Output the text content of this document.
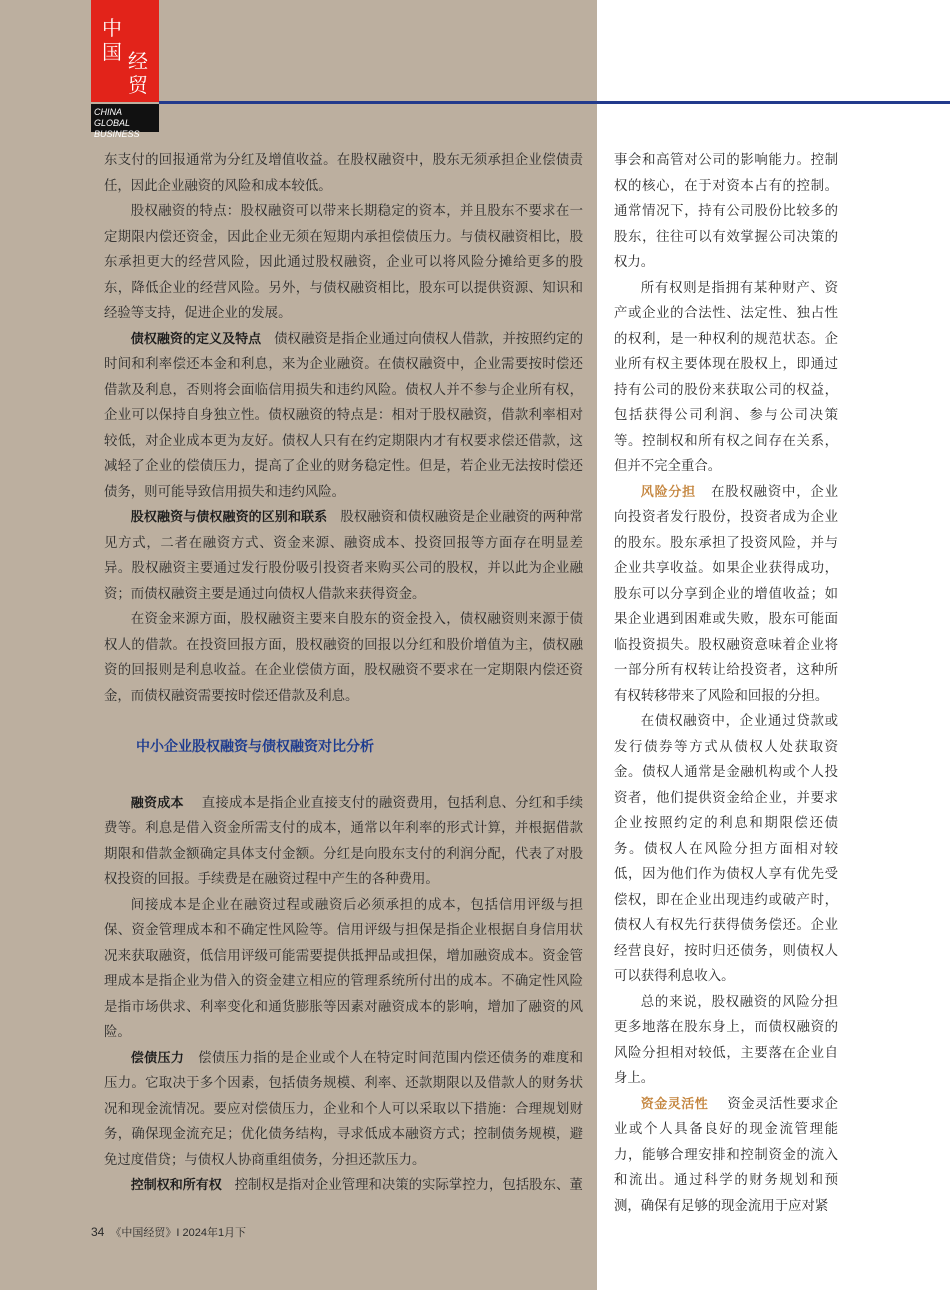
中
国 经
贸
CHINA GLOBAL
BUSINESS

东支付的回报通常为分红及增值收益。在股权融资中，股东无须承担企业偿债责任，因此企业融资的风险和成本较低。

股权融资的特点：股权融资可以带来长期稳定的资本，并且股东不要求在一定期限内偿还资金，因此企业无须在短期内承担偿债压力。与债权融资相比，股东承担更大的经营风险，因此通过股权融资，企业可以将风险分摊给更多的股东，降低企业的经营风险。另外，与债权融资相比，股东可以提供资源、知识和经验等支持，促进企业的发展。

债权融资的定义及特点 债权融资是指企业通过向债权人借款，并按照约定的时间和利率偿还本金和利息，来为企业融资。在债权融资中，企业需要按时偿还借款及利息，否则将会面临信用损失和违约风险。债权人并不参与企业所有权，企业可以保持自身独立性。债权融资的特点是：相对于股权融资，借款利率相对较低，对企业成本更为友好。债权人只有在约定期限内才有权要求偿还借款，这减轻了企业的偿债压力，提高了企业的财务稳定性。但是，若企业无法按时偿还债务，则可能导致信用损失和违约风险。

股权融资与债权融资的区别和联系 股权融资和债权融资是企业融资的两种常见方式，二者在融资方式、资金来源、融资成本、投资回报等方面存在明显差异。股权融资主要通过发行股份吸引投资者来购买公司的股权，并以此为企业融资；而债权融资主要是通过向债权人借款来获得资金。

在资金来源方面，股权融资主要来自股东的资金投入，债权融资则来源于债权人的借款。在投资回报方面，股权融资的回报以分红和股价增值为主，债权融资的回报则是利息收益。在企业偿债方面，股权融资不要求在一定期限内偿还资金，而债权融资需要按时偿还借款及利息。

中小企业股权融资与债权融资对比分析

融资成本 直接成本是指企业直接支付的融资费用，包括利息、分红和手续费等。利息是借入资金所需支付的成本，通常以年利率的形式计算，并根据借款期限和借款金额确定具体支付金额。分红是向股东支付的利润分配，代表了对股权投资的回报。手续费是在融资过程中产生的各种费用。

间接成本是企业在融资过程或融资后必须承担的成本，包括信用评级与担保、资金管理成本和不确定性风险等。信用评级与担保是指企业根据自身信用状况来获取融资，低信用评级可能需要提供抵押品或担保，增加融资成本。资金管理成本是指企业为借入的资金建立相应的管理系统所付出的成本。不确定性风险是指市场供求、利率变化和通货膨胀等因素对融资成本的影响，增加了融资的风险。

偿债压力 偿债压力指的是企业或个人在特定时间范围内偿还债务的难度和压力。它取决于多个因素，包括债务规模、利率、还款期限以及借款人的财务状况和现金流情况。要应对偿债压力，企业和个人可以采取以下措施：合理规划财务，确保现金流充足；优化债务结构，寻求低成本融资方式；控制债务规模，避免过度借贷；与债权人协商重组债务，分担还款压力。

控制权和所有权 控制权是指对企业管理和决策的实际掌控力，包括股东、董

事会和高管对公司的影响能力。控制权的核心，在于对资本占有的控制。通常情况下，持有公司股份比较多的股东，往往可以有效掌握公司决策的权力。

所有权则是指拥有某种财产、资产或企业的合法性、法定性、独占性的权利，是一种权利的规范状态。企业所有权主要体现在股权上，即通过持有公司的股份来获取公司的权益，包括获得公司利润、参与公司决策等。控制权和所有权之间存在关系，但并不完全重合。

风险分担 在股权融资中，企业向投资者发行股份，投资者成为企业的股东。股东承担了投资风险，并与企业共享收益。如果企业获得成功，股东可以分享到企业的增值收益；如果企业遇到困难或失败，股东可能面临投资损失。股权融资意味着企业将一部分所有权转让给投资者，这种所有权转移带来了风险和回报的分担。

在债权融资中，企业通过贷款或发行债券等方式从债权人处获取资金。债权人通常是金融机构或个人投资者，他们提供资金给企业，并要求企业按照约定的利息和期限偿还债务。债权人在风险分担方面相对较低，因为他们作为债权人享有优先受偿权，即在企业出现违约或破产时，债权人有权先行获得债务偿还。企业经营良好，按时归还债务，则债权人可以获得利息收入。

总的来说，股权融资的风险分担更多地落在股东身上，而债权融资的风险分担相对较低，主要落在企业自身上。

资金灵活性 资金灵活性要求企业或个人具备良好的现金流管理能力，能够合理安排和控制资金的流入和流出。通过科学的财务规划和预测，确保有足够的现金流用于应对紧

34 《中国经贸》I 2024年1月下
